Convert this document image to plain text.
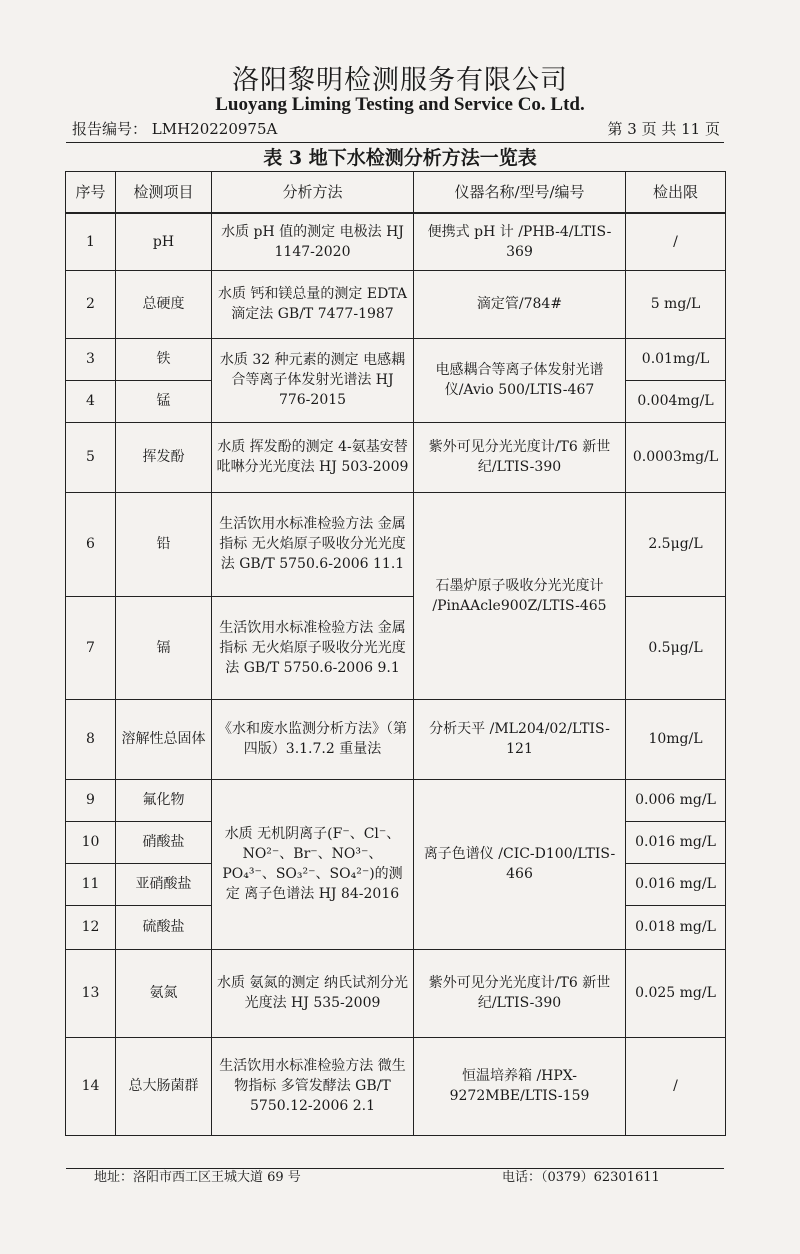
洛阳黎明检测服务有限公司
Luoyang Liming Testing and Service Co. Ltd.
报告编号： LMH20220975A	第 3 页 共 11 页
表 3 地下水检测分析方法一览表
序号	检测项目	分析方法	仪器名称/型号/编号	检出限
1	pH	水质 pH 值的测定 电极法 HJ 1147-2020	便携式 pH 计 /PHB-4/LTIS-369	/
2	总硬度	水质 钙和镁总量的测定 EDTA 滴定法 GB/T 7477-1987	滴定管/784#	5 mg/L
3	铁	水质 32 种元素的测定 电感耦合等离子体发射光谱法 HJ 776-2015	电感耦合等离子体发射光谱仪/Avio 500/LTIS-467	0.01mg/L
4	锰			0.004mg/L
5	挥发酚	水质 挥发酚的测定 4-氨基安替吡啉分光光度法 HJ 503-2009	紫外可见分光光度计/T6 新世纪/LTIS-390	0.0003mg/L
6	铅	生活饮用水标准检验方法 金属指标 无火焰原子吸收分光光度法 GB/T 5750.6-2006 11.1	石墨炉原子吸收分光光度计 /PinAAcle900Z/LTIS-465	2.5μg/L
7	镉	生活饮用水标准检验方法 金属指标 无火焰原子吸收分光光度法 GB/T 5750.6-2006 9.1		0.5μg/L
8	溶解性总固体	《水和废水监测分析方法》（第四版）3.1.7.2 重量法	分析天平 /ML204/02/LTIS-121	10mg/L
9	氟化物	水质 无机阴离子(F⁻、Cl⁻、NO²⁻、Br⁻、NO³⁻、PO₄³⁻、SO₃²⁻、SO₄²⁻)的测定 离子色谱法 HJ 84-2016	离子色谱仪 /CIC-D100/LTIS-466	0.006 mg/L
10	硝酸盐			0.016 mg/L
11	亚硝酸盐			0.016 mg/L
12	硫酸盐			0.018 mg/L
13	氨氮	水质 氨氮的测定 纳氏试剂分光光度法 HJ 535-2009	紫外可见分光光度计/T6 新世纪/LTIS-390	0.025 mg/L
14	总大肠菌群	生活饮用水标准检验方法 微生物指标 多管发酵法 GB/T 5750.12-2006 2.1	恒温培养箱 /HPX-9272MBE/LTIS-159	/
地址：洛阳市西工区王城大道 69 号	电话：（0379）62301611
